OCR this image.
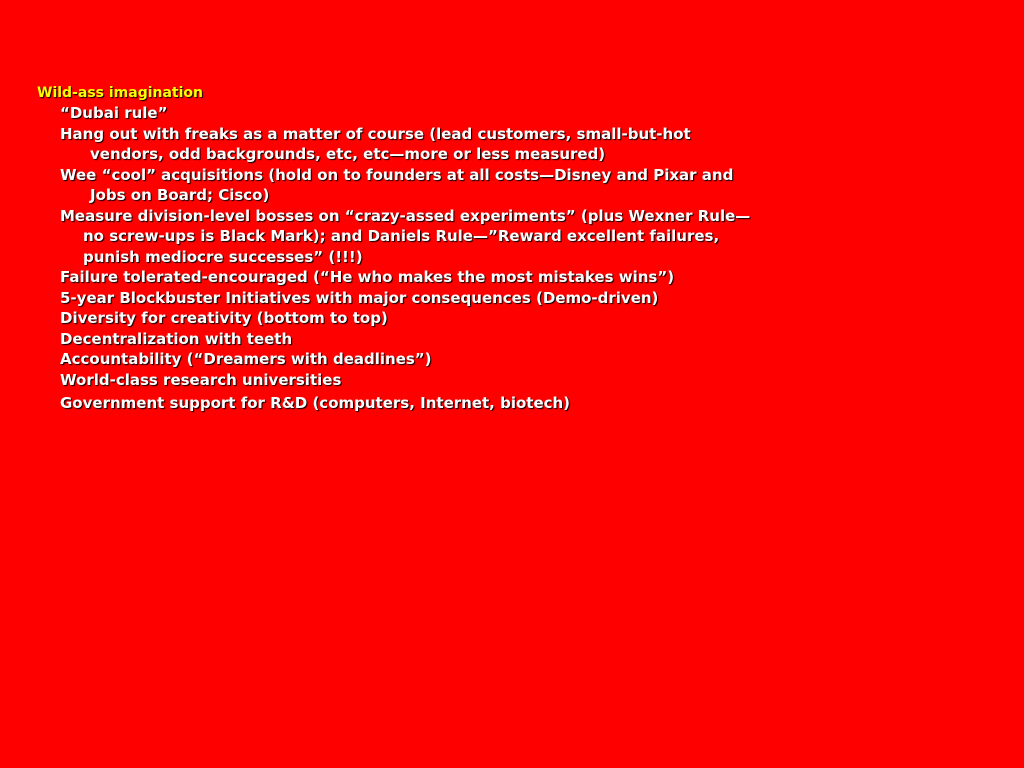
Wild-ass imagination
“Dubai rule”
Hang out with freaks as a matter of course (lead customers, small-but-hot
vendors, odd backgrounds, etc, etc—more or less measured)
Wee “cool” acquisitions (hold on to founders at all costs—Disney and Pixar and
Jobs on Board; Cisco)
Measure division-level bosses on “crazy-assed experiments” (plus Wexner Rule—
no screw-ups is Black Mark); and Daniels Rule—”Reward excellent failures,
punish mediocre successes” (!!!)
Failure tolerated-encouraged (“He who makes the most mistakes wins”)
5-year Blockbuster Initiatives with major consequences (Demo-driven)
Diversity for creativity (bottom to top)
Decentralization with teeth
Accountability (“Dreamers with deadlines”)
World-class research universities
Government support for R&D (computers, Internet, biotech)
